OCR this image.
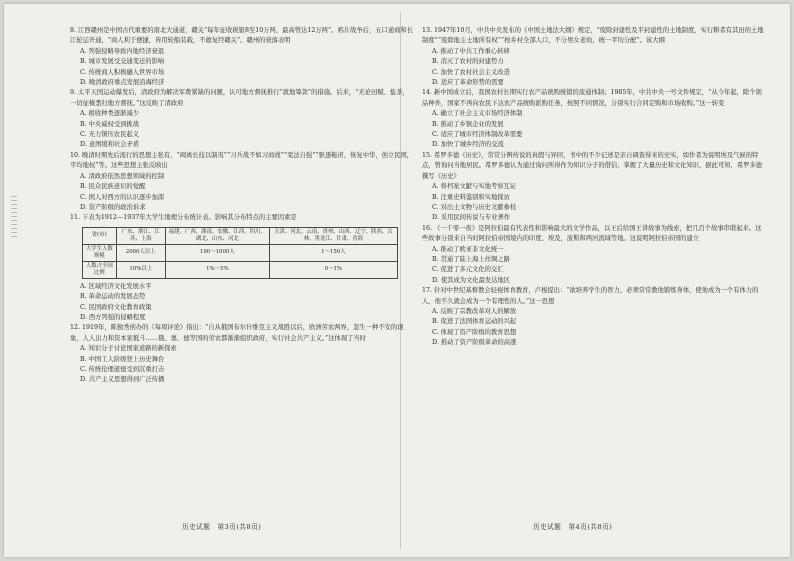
8. 江西赣州是中国古代重要的南北大通道，赣关“每年征收税银8至10万两，最高曾达12万两”。鸦片战争后，五口通商和长江轮运开通，“商人利于便捷，皆用轮船装载，不敢复经赣关”。赣州的衰落表明
A. 列强侵略导致内地经济衰退
B. 城市发展受交通变迁的影响
C. 传统商人积极融入世界市场
D. 晚清政府重点发展沿海经济
9. 太平天国运动爆发后，清政府为解决军费紧缺的问题，认可地方督抚推行“就地筹款”的措施。后来，“无论田赋、盐茶，一切征榷悉归地方督抚。”这反映了清政府
A. 税收种类逐渐减少
B. 中央威权受到挑战
C. 无力镇压农民起义
D. 意图缓和社会矛盾
10. 晚清时期先后流行的思想主张有，“闽离长技以制夷”“习兵战不如习商战”“变法自强”“驱逐鞑虏，恢复中华，创立民国，平均地权”等。这些思想主张反映出
A. 清政府依然思想领域的控制
B. 民众民族意识的觉醒
C. 国人对西方的认识逐步加深
D. 资产阶级的政治诉求
11. 下表为1912—1937年大学生地理分布统计表。影响其分布特点的主要因素是
省(市)	广东、浙江、江苏、上海	福建、广西、湖南、安徽、江西、四川、湖北、山东、河北	天津、河北、云南、贵州、山西、辽宁、陕西、吉林、黑龙江、甘肃、青海
大学生人数规模	2000人以上	190～1000人	1～150人
人数占全国比例	10%以上	1%～5%	0～1%
A. 区域经济文化发展水平
B. 革命运动的发展态势
C. 民国政府文化教育政策
D. 西方列强的侵略程度
12. 1919年，陈独秀创办的《每周评论》指出：“自从俄国布尔什维克主义战胜以后，欧洲劳农两界，忽生一种不安的现象，人人出力和资本家抵斗……俄、奥、德等国的劳农都渐渐组织政府，实行社会共产主义。”这体现了当时
A. 知识分子讨论国家道路的新探索
B. 中国工人阶级登上历史舞台
C. 传统伦理道德受到沉重打击
D. 共产主义思想得到广泛传播
历史试题　第3页(共8页)
13. 1947年10月，中共中央发布的《中国土地法大纲》规定，“废除封建性及半封建性的土地制度，实行耕者有其田的土地制度”“废除地主土地所有权”“按乡村全部人口，不分男女老幼，统一平均分配”。该大纲
A. 推动了中共工作重心转移
B. 消灭了农村的封建势力
C. 加快了农村社会主义改造
D. 适应了革命形势的需要
14. 新中国成立后，我国农村长期实行农产品统购统销的流通体制；1985年，中共中央一号文件规定，“从今年起，除个别品种外，国家不再向农民下达农产品统购派购任务，按照不同情况，分别实行合同定购和市场收购。”这一转变
A. 确立了社会主义市场经济体制
B. 推动了乡镇企业的发展
C. 适应了城市经济体制改革需要
D. 加快了城乡经济的交流
15. 希罗多德《历史》，常常分辨传说的真假与异同，书中的不少记述是亲自调查得来的史实，如作者为说明埃及气候的特点，曾询问当地居民。希罗多德认为通过询问所得作为知识分子的借信，掌握了大量历史和文化知识，据此可知，希罗多德撰写《历史》
A. 将档案文献与实地考察互证
B. 注重史料鉴别和实地探访
C. 对出土文物与历史文献参校
D. 采用民间传说与专业著作
16. 《一千零一夜》是阿拉伯最有代表性和影响最大的文学作品，以王后给国王讲故事为线索，把几百个故事串联起来。这些故事分别来自当时阿拉伯帝国境内的印度、埃及，波斯和两河流域等地。这说明阿拉伯帝国的建立
A. 推动了欧亚非文化统一
B. 贯通了陆上海上丝绸之路
C. 促进了多元文化的交汇
D. 使其成为文化最发达地区
17. 针对中世纪基督教会轻视体育教育，卢梭提出：“欲培养学生的智力，必须常常教他锻炼身体，使他成为一个有体力的人，他不久就会成为一个有理性的人。”这一思想
A. 反映了宗教改革对人的解放
B. 促进了法国体育运动的兴起
C. 体现了资产阶级的教育思想
D. 推动了资产阶级革命的高涨
历史试题　第4页(共8页)
